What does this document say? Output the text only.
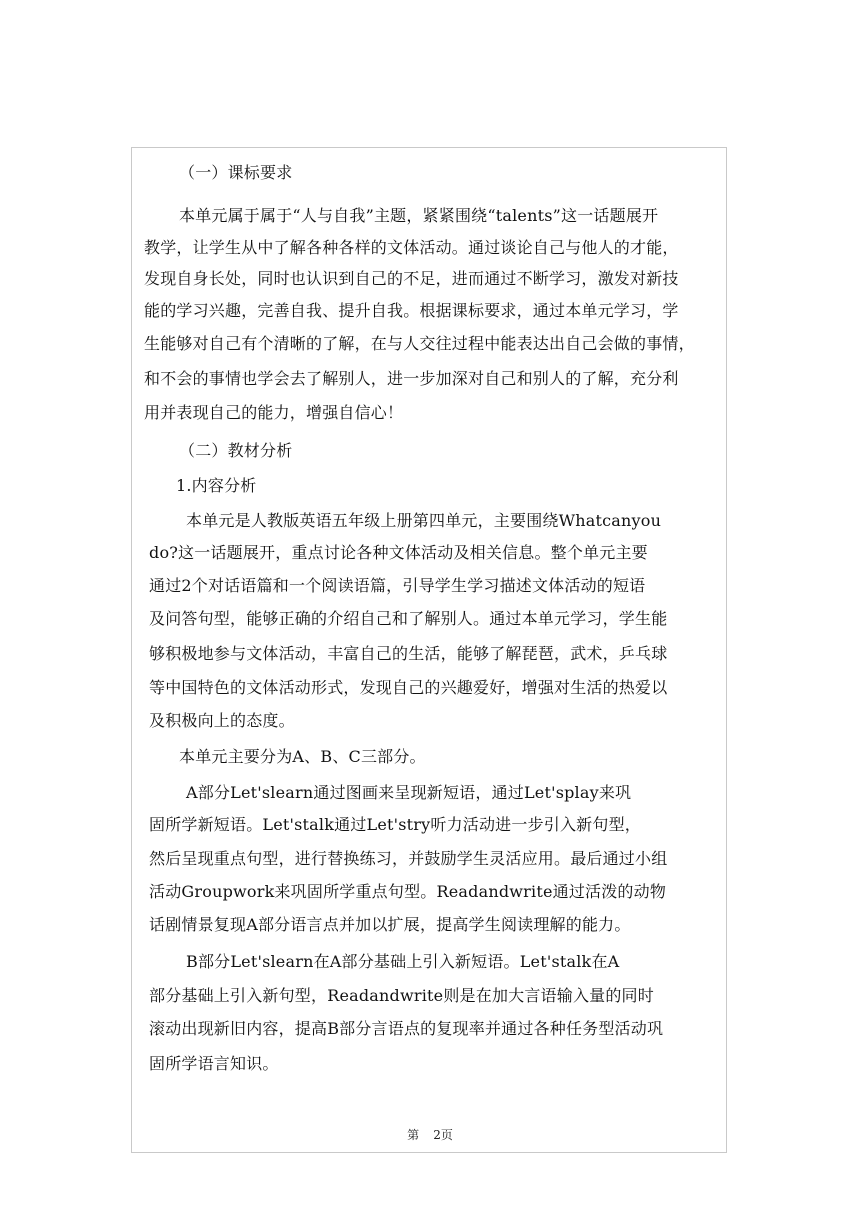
（一）课标要求
本单元属于属于“人与自我”主题，紧紧围绕“talents”这一话题展开
教学，让学生从中了解各种各样的文体活动。通过谈论自己与他人的才能，
发现自身长处，同时也认识到自己的不足，进而通过不断学习，激发对新技
能的学习兴趣，完善自我、提升自我。根据课标要求，通过本单元学习，学
生能够对自己有个清晰的了解，在与人交往过程中能表达出自己会做的事情，
和不会的事情也学会去了解别人，进一步加深对自己和别人的了解，充分利
用并表现自己的能力，增强自信心！
（二）教材分析
1.内容分析
本单元是人教版英语五年级上册第四单元，主要围绕Whatcanyou
do?这一话题展开，重点讨论各种文体活动及相关信息。整个单元主要
通过2个对话语篇和一个阅读语篇，引导学生学习描述文体活动的短语
及问答句型，能够正确的介绍自己和了解别人。通过本单元学习，学生能
够积极地参与文体活动，丰富自己的生活，能够了解琵琶，武术，乒乓球
等中国特色的文体活动形式，发现自己的兴趣爱好，增强对生活的热爱以
及积极向上的态度。
本单元主要分为A、B、C三部分。
A部分Let'slearn通过图画来呈现新短语，通过Let'splay来巩
固所学新短语。Let'stalk通过Let'stry听力活动进一步引入新句型，
然后呈现重点句型，进行替换练习，并鼓励学生灵活应用。最后通过小组
活动Groupwork来巩固所学重点句型。Readandwrite通过活泼的动物
话剧情景复现A部分语言点并加以扩展，提高学生阅读理解的能力。
B部分Let'slearn在A部分基础上引入新短语。Let'stalk在A
部分基础上引入新句型，Readandwrite则是在加大言语输入量的同时
滚动出现新旧内容，提高B部分言语点的复现率并通过各种任务型活动巩
固所学语言知识。
第 2页
